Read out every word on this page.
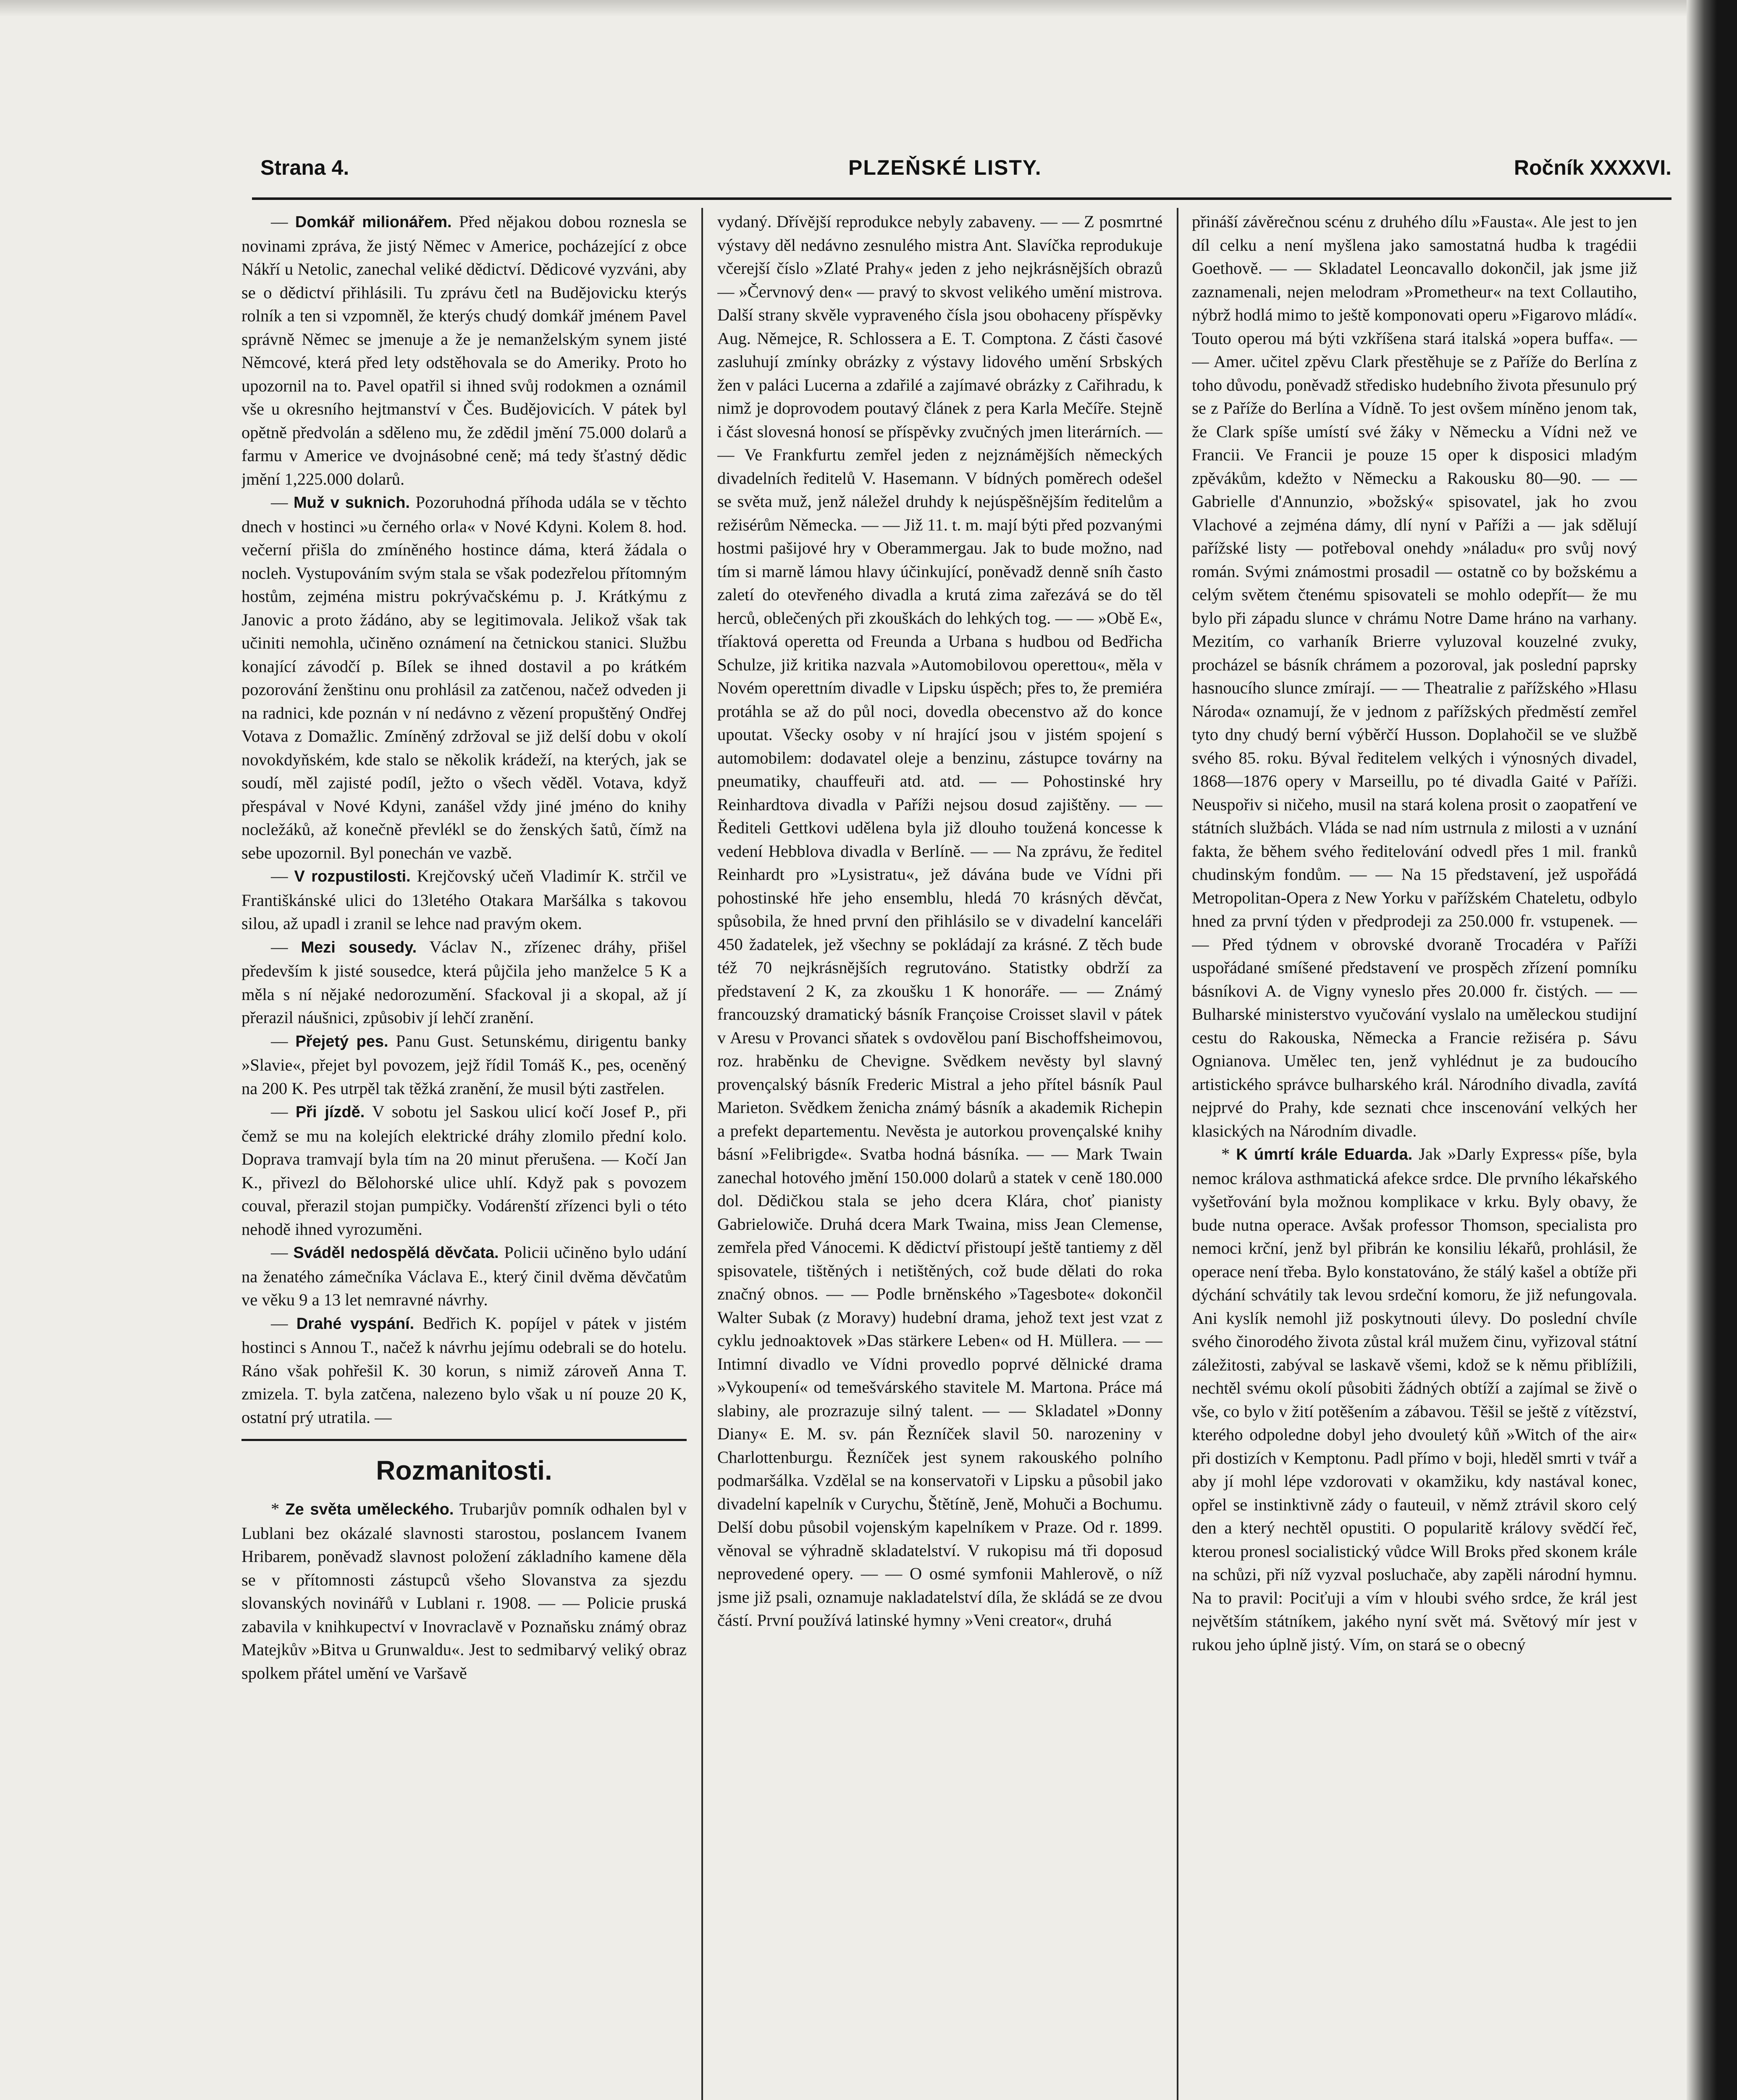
Strana 4.	PLZEŇSKÉ LISTY.	Ročník XXXXVI.

— Domkář milionářem. Před nějakou dobou roznesla se novinami zpráva, že jistý Němec v Americe, pocházející z obce Nákří u Netolic, zanechal veliké dědictví. Dědicové vyzváni, aby se o dědictví přihlásili. Tu zprávu četl na Budějovicku kterýs rolník a ten si vzpomněl, že kterýs chudý domkář jménem Pavel správně Němec se jmenuje a že je nemanželským synem jisté Němcové, která před lety odstěhovala se do Ameriky. Proto ho upozornil na to. Pavel opatřil si ihned svůj rodokmen a oznámil vše u okresního hejtmanství v Čes. Budějovicích. V pátek byl opětně předvolán a sděleno mu, že zdědil jmění 75.000 dolarů a farmu v Americe ve dvojnásobné ceně; má tedy šťastný dědic jmění 1,225.000 dolarů.

— Muž v suknich. Pozoruhodná příhoda udála se v těchto dnech v hostinci »u černého orla« v Nové Kdyni. Kolem 8. hod. večerní přišla do zmíněného hostince dáma, která žádala o nocleh. Vystupováním svým stala se však podezřelou přítomným hostům, zejména mistru pokrývačskému p. J. Krátkýmu z Janovic a proto žádáno, aby se legitimovala. Jelikož však tak učiniti nemohla, učiněno oznámení na četnickou stanici. Službu konající závodčí p. Bílek se ihned dostavil a po krátkém pozorování ženštinu onu prohlásil za zatčenou, načež odveden ji na radnici, kde poznán v ní nedávno z vězení propuštěný Ondřej Votava z Domažlic. Zmíněný zdržoval se již delší dobu v okolí novokdyňském, kde stalo se několik krádeží, na kterých, jak se soudí, měl zajisté podíl, ježto o všech věděl. Votava, když přespával v Nové Kdyni, zanášel vždy jiné jméno do knihy nocležáků, až konečně převlékl se do ženských šatů, čímž na sebe upozornil. Byl ponechán ve vazbě.

— V rozpustilosti. Krejčovský učeň Vladimír K. strčil ve Františkánské ulici do 13letého Otakara Maršálka s takovou silou, až upadl i zranil se lehce nad pravým okem.

— Mezi sousedy. Václav N., zřízenec dráhy, přišel především k jisté sousedce, která půjčila jeho manželce 5 K a měla s ní nějaké nedorozumění. Sfackoval ji a skopal, až jí přerazil náušnici, způsobiv jí lehčí zranění.

— Přejetý pes. Panu Gust. Setunskému, dirigentu banky »Slavie«, přejet byl povozem, jejž řídil Tomáš K., pes, oceněný na 200 K. Pes utrpěl tak těžká zranění, že musil býti zastřelen.

— Při jízdě. V sobotu jel Saskou ulicí kočí Josef P., při čemž se mu na kolejích elektrické dráhy zlomilo přední kolo. Doprava tramvají byla tím na 20 minut přerušena. — Kočí Jan K., přivezl do Bělohorské ulice uhlí. Když pak s povozem couval, přerazil stojan pumpičky. Vodárenští zřízenci byli o této nehodě ihned vyrozuměni.

— Sváděl nedospělá děvčata. Policii učiněno bylo udání na ženatého zámečníka Václava E., který činil dvěma děvčatům ve věku 9 a 13 let nemravné návrhy.

— Drahé vyspání. Bedřich K. popíjel v pátek v jistém hostinci s Annou T., načež k návrhu jejímu odebrali se do hotelu. Ráno však pohřešil K. 30 korun, s nimiž zároveň Anna T. zmizela. T. byla zatčena, nalezeno bylo však u ní pouze 20 K, ostatní prý utratila. —

Rozmanitosti.

* Ze světa uměleckého. Trubarjův pomník odhalen byl v Lublani bez okázalé slavnosti starostou, poslancem Ivanem Hribarem, poněvadž slavnost položení základního kamene děla se v přítomnosti zástupců všeho Slovanstva za sjezdu slovanských novinářů v Lublani r. 1908. — — Policie pruská zabavila v knihkupectví v Inovraclavě v Poznaňsku známý obraz Matejkův »Bitva u Grunwaldu«. Jest to sedmibarvý veliký obraz spolkem přátel umění ve Varšavě

vydaný. Dřívější reprodukce nebyly zabaveny. — — Z posmrtné výstavy děl nedávno zesnulého mistra Ant. Slavíčka reprodukuje včerejší číslo »Zlaté Prahy« jeden z jeho nejkrásnějších obrazů — »Červnový den« — pravý to skvost velikého umění mistrova. Další strany skvěle vypraveného čísla jsou obohaceny příspěvky Aug. Němejce, R. Schlossera a E. T. Comptona. Z části časové zasluhují zmínky obrázky z výstavy lidového umění Srbských žen v paláci Lucerna a zdařilé a zajímavé obrázky z Cařihradu, k nimž je doprovodem poutavý článek z pera Karla Mečíře. Stejně i část slovesná honosí se příspěvky zvučných jmen literárních. — — Ve Frankfurtu zemřel jeden z nejznámějších německých divadelních ředitelů V. Hasemann. V bídných poměrech odešel se světa muž, jenž náležel druhdy k nejúspěšnějším ředitelům a režisérům Německa. — — Již 11. t. m. mají býti před pozvanými hostmi pašijové hry v Oberammergau. Jak to bude možno, nad tím si marně lámou hlavy účinkující, poněvadž denně sníh často zaletí do otevřeného divadla a krutá zima zařezává se do těl herců, oblečených při zkouškách do lehkých tog. — — »Obě E«, tříaktová operetta od Freunda a Urbana s hudbou od Bedřicha Schulze, již kritika nazvala »Automobilovou operettou«, měla v Novém operettním divadle v Lipsku úspěch; přes to, že premiéra protáhla se až do půl noci, dovedla obecenstvo až do konce upoutat. Všecky osoby v ní hrající jsou v jistém spojení s automobilem: dodavatel oleje a benzinu, zástupce továrny na pneumatiky, chauffeuři atd. atd. — — Pohostinské hry Reinhardtova divadla v Paříži nejsou dosud zajištěny. — — Řediteli Gettkovi udělena byla již dlouho toužená koncesse k vedení Hebblova divadla v Berlíně. — — Na zprávu, že ředitel Reinhardt pro »Lysistratu«, jež dávána bude ve Vídni při pohostinské hře jeho ensemblu, hledá 70 krásných děvčat, spůsobila, že hned první den přihlásilo se v divadelní kanceláři 450 žadatelek, jež všechny se pokládají za krásné. Z těch bude též 70 nejkrásnějších regrutováno. Statistky obdrží za představení 2 K, za zkoušku 1 K honoráře. — — Známý francouzský dramatický básník Françoise Croisset slavil v pátek v Aresu v Provanci sňatek s ovdovělou paní Bischoffsheimovou, roz. hraběnku de Chevigne. Svědkem nevěsty byl slavný provençalský básník Frederic Mistral a jeho přítel básník Paul Marieton. Svědkem ženicha známý básník a akademik Richepin a prefekt departementu. Nevěsta je autorkou provençalské knihy básní »Felibrigde«. Svatba hodná básníka. — — Mark Twain zanechal hotového jmění 150.000 dolarů a statek v ceně 180.000 dol. Dědičkou stala se jeho dcera Klára, choť pianisty Gabrielowiče. Druhá dcera Mark Twaina, miss Jean Clemense, zemřela před Vánocemi. K dědictví přistoupí ještě tantiemy z děl spisovatele, tištěných i netištěných, což bude dělati do roka značný obnos. — — Podle brněnského »Tagesbote« dokončil Walter Subak (z Moravy) hudební drama, jehož text jest vzat z cyklu jednoaktovek »Das stärkere Leben« od H. Müllera. — — Intimní divadlo ve Vídni provedlo poprvé dělnické drama »Vykoupení« od temešvárského stavitele M. Martona. Práce má slabiny, ale prozrazuje silný talent. — — Skladatel »Donny Diany« E. M. sv. pán Řezníček slavil 50. narozeniny v Charlottenburgu. Řezníček jest synem rakouského polního podmaršálka. Vzdělal se na konservatoři v Lipsku a působil jako divadelní kapelník v Curychu, Štětíně, Jeně, Mohuči a Bochumu. Delší dobu působil vojenským kapelníkem v Praze. Od r. 1899. věnoval se výhradně skladatelství. V rukopisu má tři doposud neprovedené opery. — — O osmé symfonii Mahlerově, o níž jsme již psali, oznamuje nakladatelství díla, že skládá se ze dvou částí. První používá latinské hymny »Veni creator«, druhá

přináší závěrečnou scénu z druhého dílu »Fausta«. Ale jest to jen díl celku a není myšlena jako samostatná hudba k tragédii Goethově. — — Skladatel Leoncavallo dokončil, jak jsme již zaznamenali, nejen melodram »Prometheur« na text Collautiho, nýbrž hodlá mimo to ještě komponovati operu »Figarovo mládí«. Touto operou má býti vzkříšena stará italská »opera buffa«. — — Amer. učitel zpěvu Clark přestěhuje se z Paříže do Berlína z toho důvodu, poněvadž středisko hudebního života přesunulo prý se z Paříže do Berlína a Vídně. To jest ovšem míněno jenom tak, že Clark spíše umístí své žáky v Německu a Vídni než ve Francii. Ve Francii je pouze 15 oper k disposici mladým zpěvákům, kdežto v Německu a Rakousku 80—90. — — Gabrielle d'Annunzio, »božský« spisovatel, jak ho zvou Vlachové a zejména dámy, dlí nyní v Paříži a — jak sdělují pařížské listy — potřeboval onehdy »náladu« pro svůj nový román. Svými známostmi prosadil — ostatně co by božskému a celým světem čtenému spisovateli se mohlo odepřít— že mu bylo při západu slunce v chrámu Notre Dame hráno na varhany. Mezitím, co varhaník Brierre vyluzoval kouzelné zvuky, procházel se básník chrámem a pozoroval, jak poslední paprsky hasnoucího slunce zmírají. — — Theatralie z pařížského »Hlasu Národa« oznamují, že v jednom z pařížských předměstí zemřel tyto dny chudý berní výběrčí Husson. Doplahočil se ve službě svého 85. roku. Býval ředitelem velkých i výnosných divadel, 1868—1876 opery v Marseillu, po té divadla Gaité v Paříži. Neuspořiv si ničeho, musil na stará kolena prosit o zaopatření ve státních službách. Vláda se nad ním ustrnula z milosti a v uznání fakta, že během svého ředitelování odvedl přes 1 mil. franků chudinským fondům. — — Na 15 představení, jež uspořádá Metropolitan-Opera z New Yorku v pařížském Chateletu, odbylo hned za první týden v předprodeji za 250.000 fr. vstupenek. — — Před týdnem v obrovské dvoraně Trocadéra v Paříži uspořádané smíšené představení ve prospěch zřízení pomníku básníkovi A. de Vigny vyneslo přes 20.000 fr. čistých. — — Bulharské ministerstvo vyučování vyslalo na uměleckou studijní cestu do Rakouska, Německa a Francie režiséra p. Sávu Ognianova. Umělec ten, jenž vyhlédnut je za budoucího artistického správce bulharského král. Národního divadla, zavítá nejprvé do Prahy, kde seznati chce inscenování velkých her klasických na Národním divadle.

* K úmrtí krále Eduarda. Jak »Darly Express« píše, byla nemoc králova asthmatická afekce srdce. Dle prvního lékařského vyšetřování byla možnou komplikace v krku. Byly obavy, že bude nutna operace. Avšak professor Thomson, specialista pro nemoci krční, jenž byl přibrán ke konsiliu lékařů, prohlásil, že operace není třeba. Bylo konstatováno, že stálý kašel a obtíže při dýchání schvátily tak levou srdeční komoru, že již nefungovala. Ani kyslík nemohl již poskytnouti úlevy. Do poslední chvíle svého činorodého života zůstal král mužem činu, vyřizoval státní záležitosti, zabýval se laskavě všemi, kdož se k němu přiblížili, nechtěl svému okolí působiti žádných obtíží a zajímal se živě o vše, co bylo v žití potěšením a zábavou. Těšil se ještě z vítězství, kterého odpoledne dobyl jeho dvouletý kůň »Witch of the air« při dostizích v Kemptonu. Padl přímo v boji, hleděl smrti v tvář a aby jí mohl lépe vzdorovati v okamžiku, kdy nastával konec, opřel se instinktivně zády o fauteuil, v němž ztrávil skoro celý den a který nechtěl opustiti. O popularitě královy svědčí řeč, kterou pronesl socialistický vůdce Will Broks před skonem krále na schůzi, při níž vyzval posluchače, aby zapěli národní hymnu. Na to pravil: Pociťuji a vím v hloubi svého srdce, že král jest největším státníkem, jakého nyní svět má. Světový mír jest v rukou jeho úplně jistý. Vím, on stará se o obecný
